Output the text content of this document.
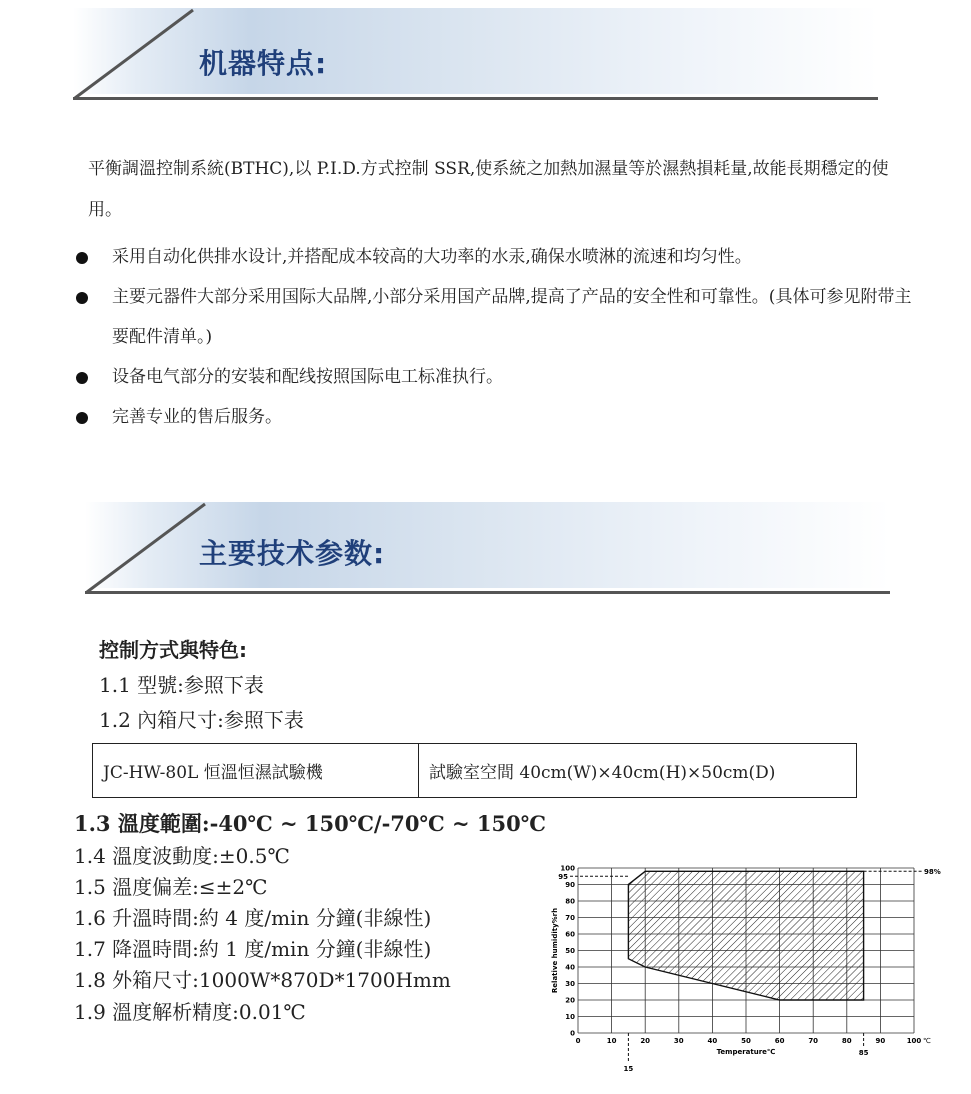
机器特点:

平衡調溫控制系統(BTHC),以 P.I.D.方式控制 SSR,使系統之加熱加濕量等於濕熱損耗量,故能長期穩定的使用。

采用自动化供排水设计,并搭配成本较高的大功率的水汞,确保水喷淋的流速和均匀性。
主要元器件大部分采用国际大品牌,小部分采用国产品牌,提高了产品的安全性和可靠性。(具体可参见附带主要配件清单。)
设备电气部分的安装和配线按照国际电工标准执行。
完善专业的售后服务。
主要技术参数:
控制方式與特色:
1.1 型號:参照下表
1.2 內箱尺寸:参照下表
JC-HW-80L 恒溫恒濕試驗機	試驗室空間 40cm(W)×40cm(H)×50cm(D)
1.3 溫度範圍:-40℃ ~ 150℃/-70℃ ~ 150℃
1.4 溫度波動度:±0.5℃
1.5 溫度偏差:≤±2℃
1.6 升溫時間:約 4 度/min 分鐘(非線性)
1.7 降溫時間:約 1 度/min 分鐘(非線性)
1.8 外箱尺寸:1000W*870D*1700Hmm
1.9 溫度解析精度:0.01℃
0	10	20	30	40	50	60	70	80	90	100
0
10
20
30
40
50
60
70
80
90
100
℃
15
85
95
98%
Temperature℃
Relative humidity%rh
